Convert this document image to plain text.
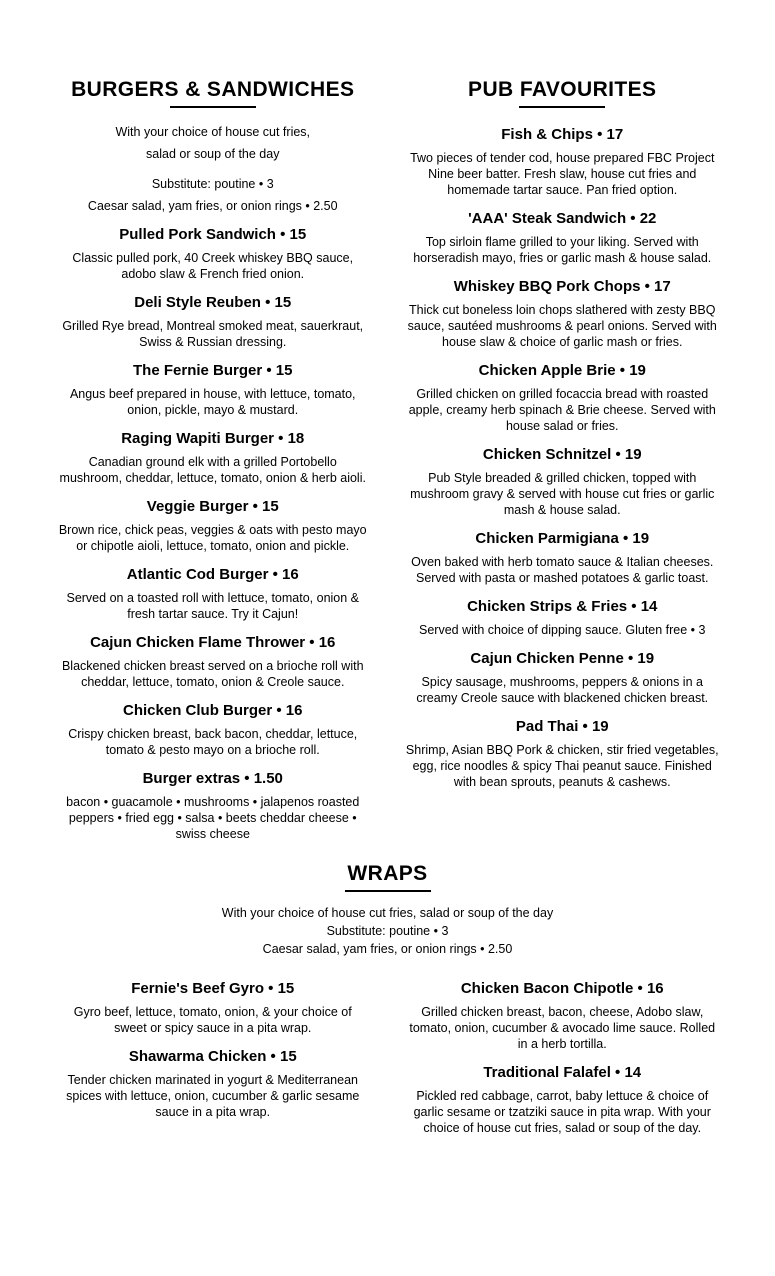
BURGERS & SANDWICHES
With your choice of house cut fries,
salad or soup of the day
Substitute: poutine • 3
Caesar salad, yam fries, or onion rings • 2.50
Pulled Pork Sandwich • 15
Classic pulled pork, 40 Creek whiskey BBQ sauce, adobo slaw & French fried onion.
Deli Style Reuben • 15
Grilled Rye bread, Montreal smoked meat, sauerkraut, Swiss & Russian dressing.
The Fernie Burger • 15
Angus beef prepared in house, with lettuce, tomato, onion, pickle, mayo & mustard.
Raging Wapiti Burger • 18
Canadian ground elk with a grilled Portobello mushroom, cheddar, lettuce, tomato, onion & herb aioli.
Veggie Burger • 15
Brown rice, chick peas, veggies & oats with pesto mayo or chipotle aioli, lettuce, tomato, onion and pickle.
Atlantic Cod Burger • 16
Served on a toasted roll with lettuce, tomato, onion & fresh tartar sauce. Try it Cajun!
Cajun Chicken Flame Thrower • 16
Blackened chicken breast served on a brioche roll with cheddar, lettuce, tomato, onion & Creole sauce.
Chicken Club Burger • 16
Crispy chicken breast, back bacon, cheddar, lettuce, tomato & pesto mayo on a brioche roll.
Burger extras • 1.50
bacon • guacamole • mushrooms • jalapenos roasted peppers • fried egg • salsa • beets cheddar cheese • swiss cheese
PUB FAVOURITES
Fish & Chips • 17
Two pieces of tender cod, house prepared FBC Project Nine beer batter. Fresh slaw, house cut fries and homemade tartar sauce. Pan fried option.
'AAA' Steak Sandwich • 22
Top sirloin flame grilled to your liking. Served with horseradish mayo, fries or garlic mash & house salad.
Whiskey BBQ Pork Chops • 17
Thick cut boneless loin chops slathered with zesty BBQ sauce, sautéed mushrooms & pearl onions. Served with house slaw & choice of garlic mash or fries.
Chicken Apple Brie • 19
Grilled chicken on grilled focaccia bread with roasted apple, creamy herb spinach & Brie cheese. Served with house salad or fries.
Chicken Schnitzel • 19
Pub Style breaded & grilled chicken, topped with mushroom gravy & served with house cut fries or garlic mash & house salad.
Chicken Parmigiana • 19
Oven baked with herb tomato sauce & Italian cheeses. Served with pasta or mashed potatoes & garlic toast.
Chicken Strips & Fries • 14
Served with choice of dipping sauce. Gluten free • 3
Cajun Chicken Penne • 19
Spicy sausage, mushrooms, peppers & onions in a creamy Creole sauce with blackened chicken breast.
Pad Thai • 19
Shrimp, Asian BBQ Pork & chicken, stir fried vegetables, egg, rice noodles & spicy Thai peanut sauce. Finished with bean sprouts, peanuts & cashews.
WRAPS
With your choice of house cut fries, salad or soup of the day
Substitute: poutine • 3
Caesar salad, yam fries, or onion rings • 2.50
Fernie's Beef Gyro • 15
Gyro beef, lettuce, tomato, onion, & your choice of sweet or spicy sauce in a pita wrap.
Shawarma Chicken • 15
Tender chicken marinated in yogurt & Mediterranean spices with lettuce, onion, cucumber & garlic sesame sauce in a pita wrap.
Chicken Bacon Chipotle • 16
Grilled chicken breast, bacon, cheese, Adobo slaw, tomato, onion, cucumber & avocado lime sauce. Rolled in a herb tortilla.
Traditional Falafel • 14
Pickled red cabbage, carrot, baby lettuce & choice of garlic sesame or tzatziki sauce in pita wrap. With your choice of house cut fries, salad or soup of the day.
